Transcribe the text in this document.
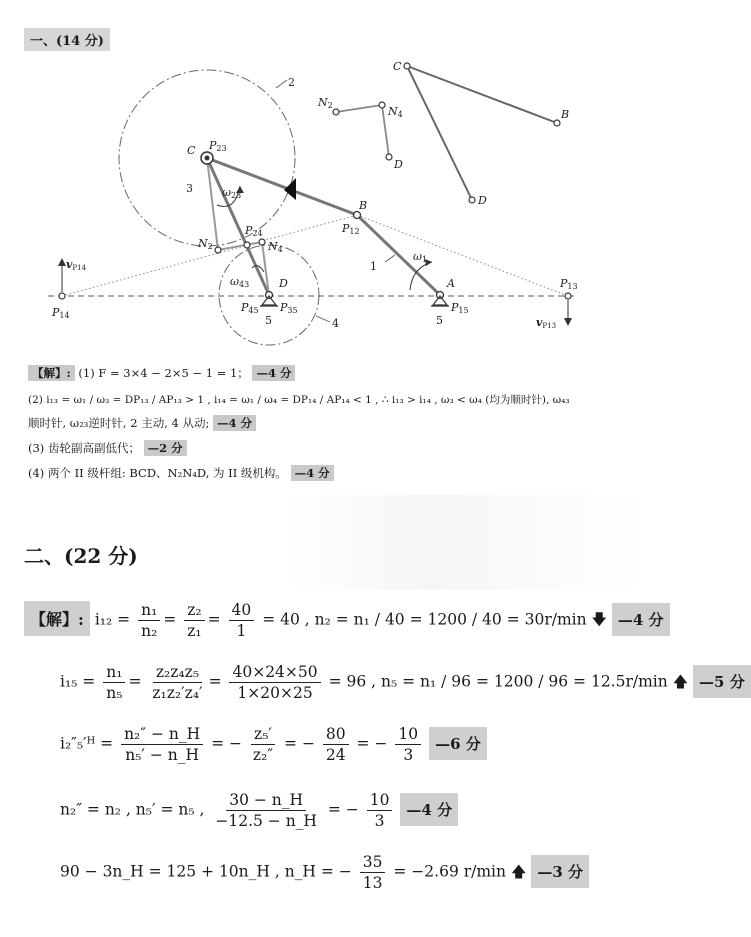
一、(14 分)
C P23
3	ω23
2
B
P12
P24
N2	N4
ω43	D
P45 P35
5	4
1
ω1
A
P15
5
P13
vP13
vP14
P14
C
B
D
N2	N4
D
【解】: (1) F = 3×4 − 2×5 − 1 = 1； —4 分
(2) i₁₃ = ω₁ / ω₃ = DP₁₃ / AP₁₃ > 1 , i₁₄ = ω₁ / ω₄ = DP₁₄ / AP₁₄ < 1 , ∴ i₁₃ > i₁₄ , ω₃ < ω₄ (均为顺时针), ω₄₃
顺时针, ω₂₃逆时针, 2 主动, 4 从动; —4 分
(3) 齿轮副高副低代； —2 分
(4) 两个 II 级杆组: BCD、N₂N₄D, 为 II 级机构。 —4 分
二、(22 分)
【解】: $i_{12} = \frac{\text{n₁}}{\text{n₂}} = \frac{\text{z₂}}{\text{z₁}} = \frac{40}{1} = 40$ , n₂ = n₁ / 40 = 1200 / 40 = 30r/min 🡇 —4 分
$i_{15} = \frac{\text{n₁}}{\text{n₅}} = \frac{\text{z₂z₄z₅}}{\text{z₁z₂′z₄′}} = \frac{40\times 24\times 50}{1\times 20\times 25} = 96$ , n₅ = n₁ / 96 = 1200 / 96 = 12.5r/min 🡅 —5 分
i₂″₅′ᴴ = $\frac{\text{n₂″ − n\_H}}{\text{n₅′ − n\_H}}$ = − $\frac{\text{z₅′}}{\text{z₂″}}$ = − $\frac{80}{24}$ = − $\frac{10}{3}$ —6 分
n₂″ = n₂ , n₅′ = n₅ , $\frac{30 - n\_H}{-12.5 - n\_H}$ = − $\frac{10}{3}$ —4 分
90 − 3n_H = 125 + 10n_H , n_H = − $\frac{35}{13} = -2.69$ r/min 🡅 —3 分
